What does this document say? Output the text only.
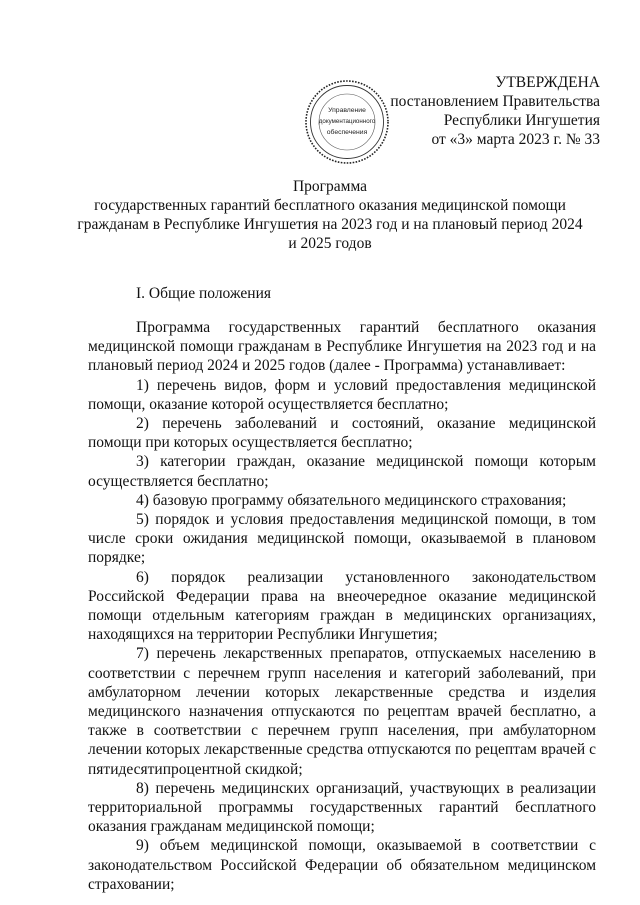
Управление
документационного
обеспечения
УТВЕРЖДЕНА
постановлением Правительства
Республики Ингушетия
от «3» марта 2023 г. № 33
Программа
государственных гарантий бесплатного оказания медицинской помощи
гражданам в Республике Ингушетия на 2023 год и на плановый период 2024
и 2025 годов
I. Общие положения

Программа государственных гарантий бесплатного оказания медицинской помощи гражданам в Республике Ингушетия на 2023 год и на плановый период 2024 и 2025 годов (далее - Программа) устанавливает:

1) перечень видов, форм и условий предоставления медицинской помощи, оказание которой осуществляется бесплатно;

2) перечень заболеваний и состояний, оказание медицинской помощи при которых осуществляется бесплатно;

3) категории граждан, оказание медицинской помощи которым осуществляется бесплатно;

4) базовую программу обязательного медицинского страхования;

5) порядок и условия предоставления медицинской помощи, в том числе сроки ожидания медицинской помощи, оказываемой в плановом порядке;

6) порядок реализации установленного законодательством Российской Федерации права на внеочередное оказание медицинской помощи отдельным категориям граждан в медицинских организациях, находящихся на территории Республики Ингушетия;

7) перечень лекарственных препаратов, отпускаемых населению в соответствии с перечнем групп населения и категорий заболеваний, при амбулаторном лечении которых лекарственные средства и изделия медицинского назначения отпускаются по рецептам врачей бесплатно, а также в соответствии с перечнем групп населения, при амбулаторном лечении которых лекарственные средства отпускаются по рецептам врачей с пятидесятипроцентной скидкой;

8) перечень медицинских организаций, участвующих в реализации территориальной программы государственных гарантий бесплатного оказания гражданам медицинской помощи;

9) объем медицинской помощи, оказываемой в соответствии с законодательством Российской Федерации об обязательном медицинском страховании;
